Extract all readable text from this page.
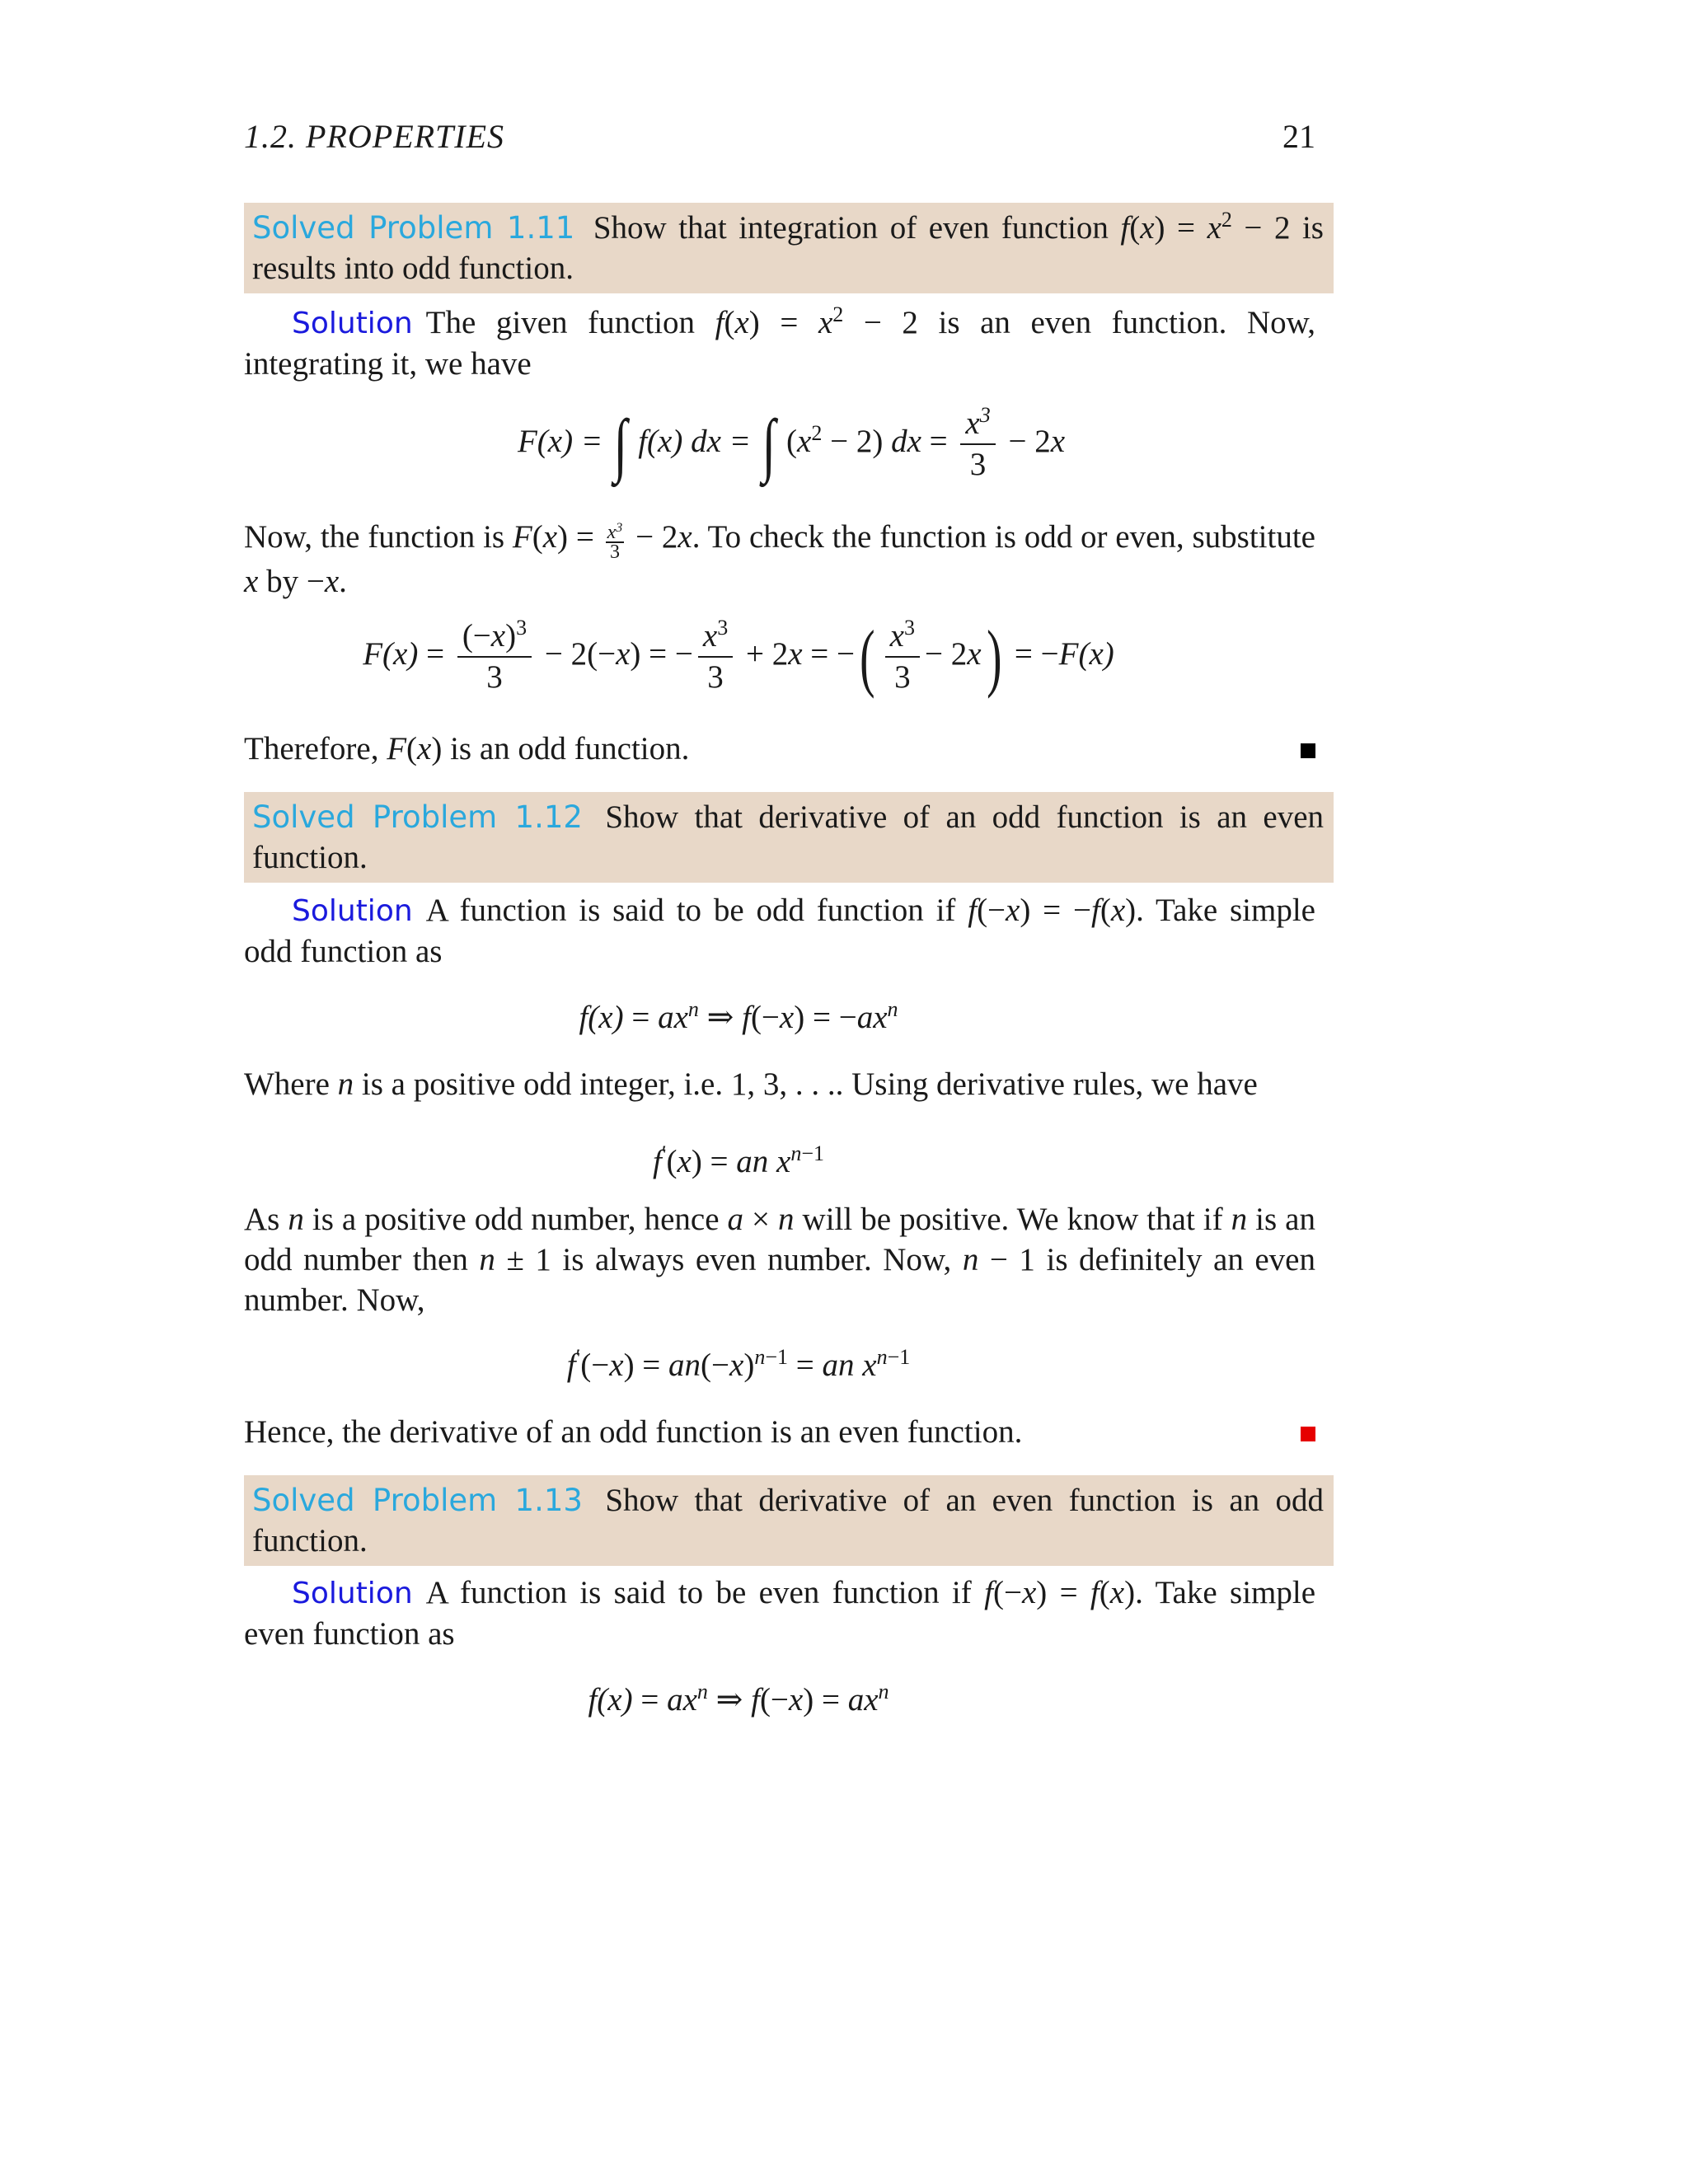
1.2. PROPERTIES	21
Solved Problem 1.11 Show that integration of even function $f(x) = x^2 - 2$ is results into odd function.
Solution The given function $f(x) = x^2 - 2$ is an even function. Now, integrating it, we have
F(x) = ∫ f(x) dx = ∫ $(x^2 - 2)$ dx = $\frac{x^3}{3} - 2x$
Now, the function is $F(x) = \frac{x^3}{3} - 2x$. To check the function is odd or even, substitute x by −x.
$F(x) = \frac{(-x)^3}{3} - 2(-x)$ = − $\frac{x^3}{3} + 2x$ = −( $\frac{x^3}{3} - 2x) = -F(x)$
Therefore, F(x) is an odd function.
Solved Problem 1.12 Show that derivative of an odd function is an even function.
Solution A function is said to be odd function if f(−x) = −f(x). Take simple odd function as
$f(x) = ax^n$ ⇒ $f(-x) = -ax^n$
Where n is a positive odd integer, i.e. 1, 3, . . .. Using derivative rules, we have
f′(x) = an $x^{n-1}$
As n is a positive odd number, hence a × n will be positive. We know that if n is an odd number then n ± 1 is always even number. Now, n − 1 is definitely an even number. Now,
$f'(-x) = an(-x)^{n-1}$ = an $x^{n-1}$
Hence, the derivative of an odd function is an even function.
Solved Problem 1.13 Show that derivative of an even function is an odd function.
Solution A function is said to be even function if f(−x) = f(x). Take simple even function as
$f(x) = ax^n$ ⇒ $f(-x) = ax^n$
